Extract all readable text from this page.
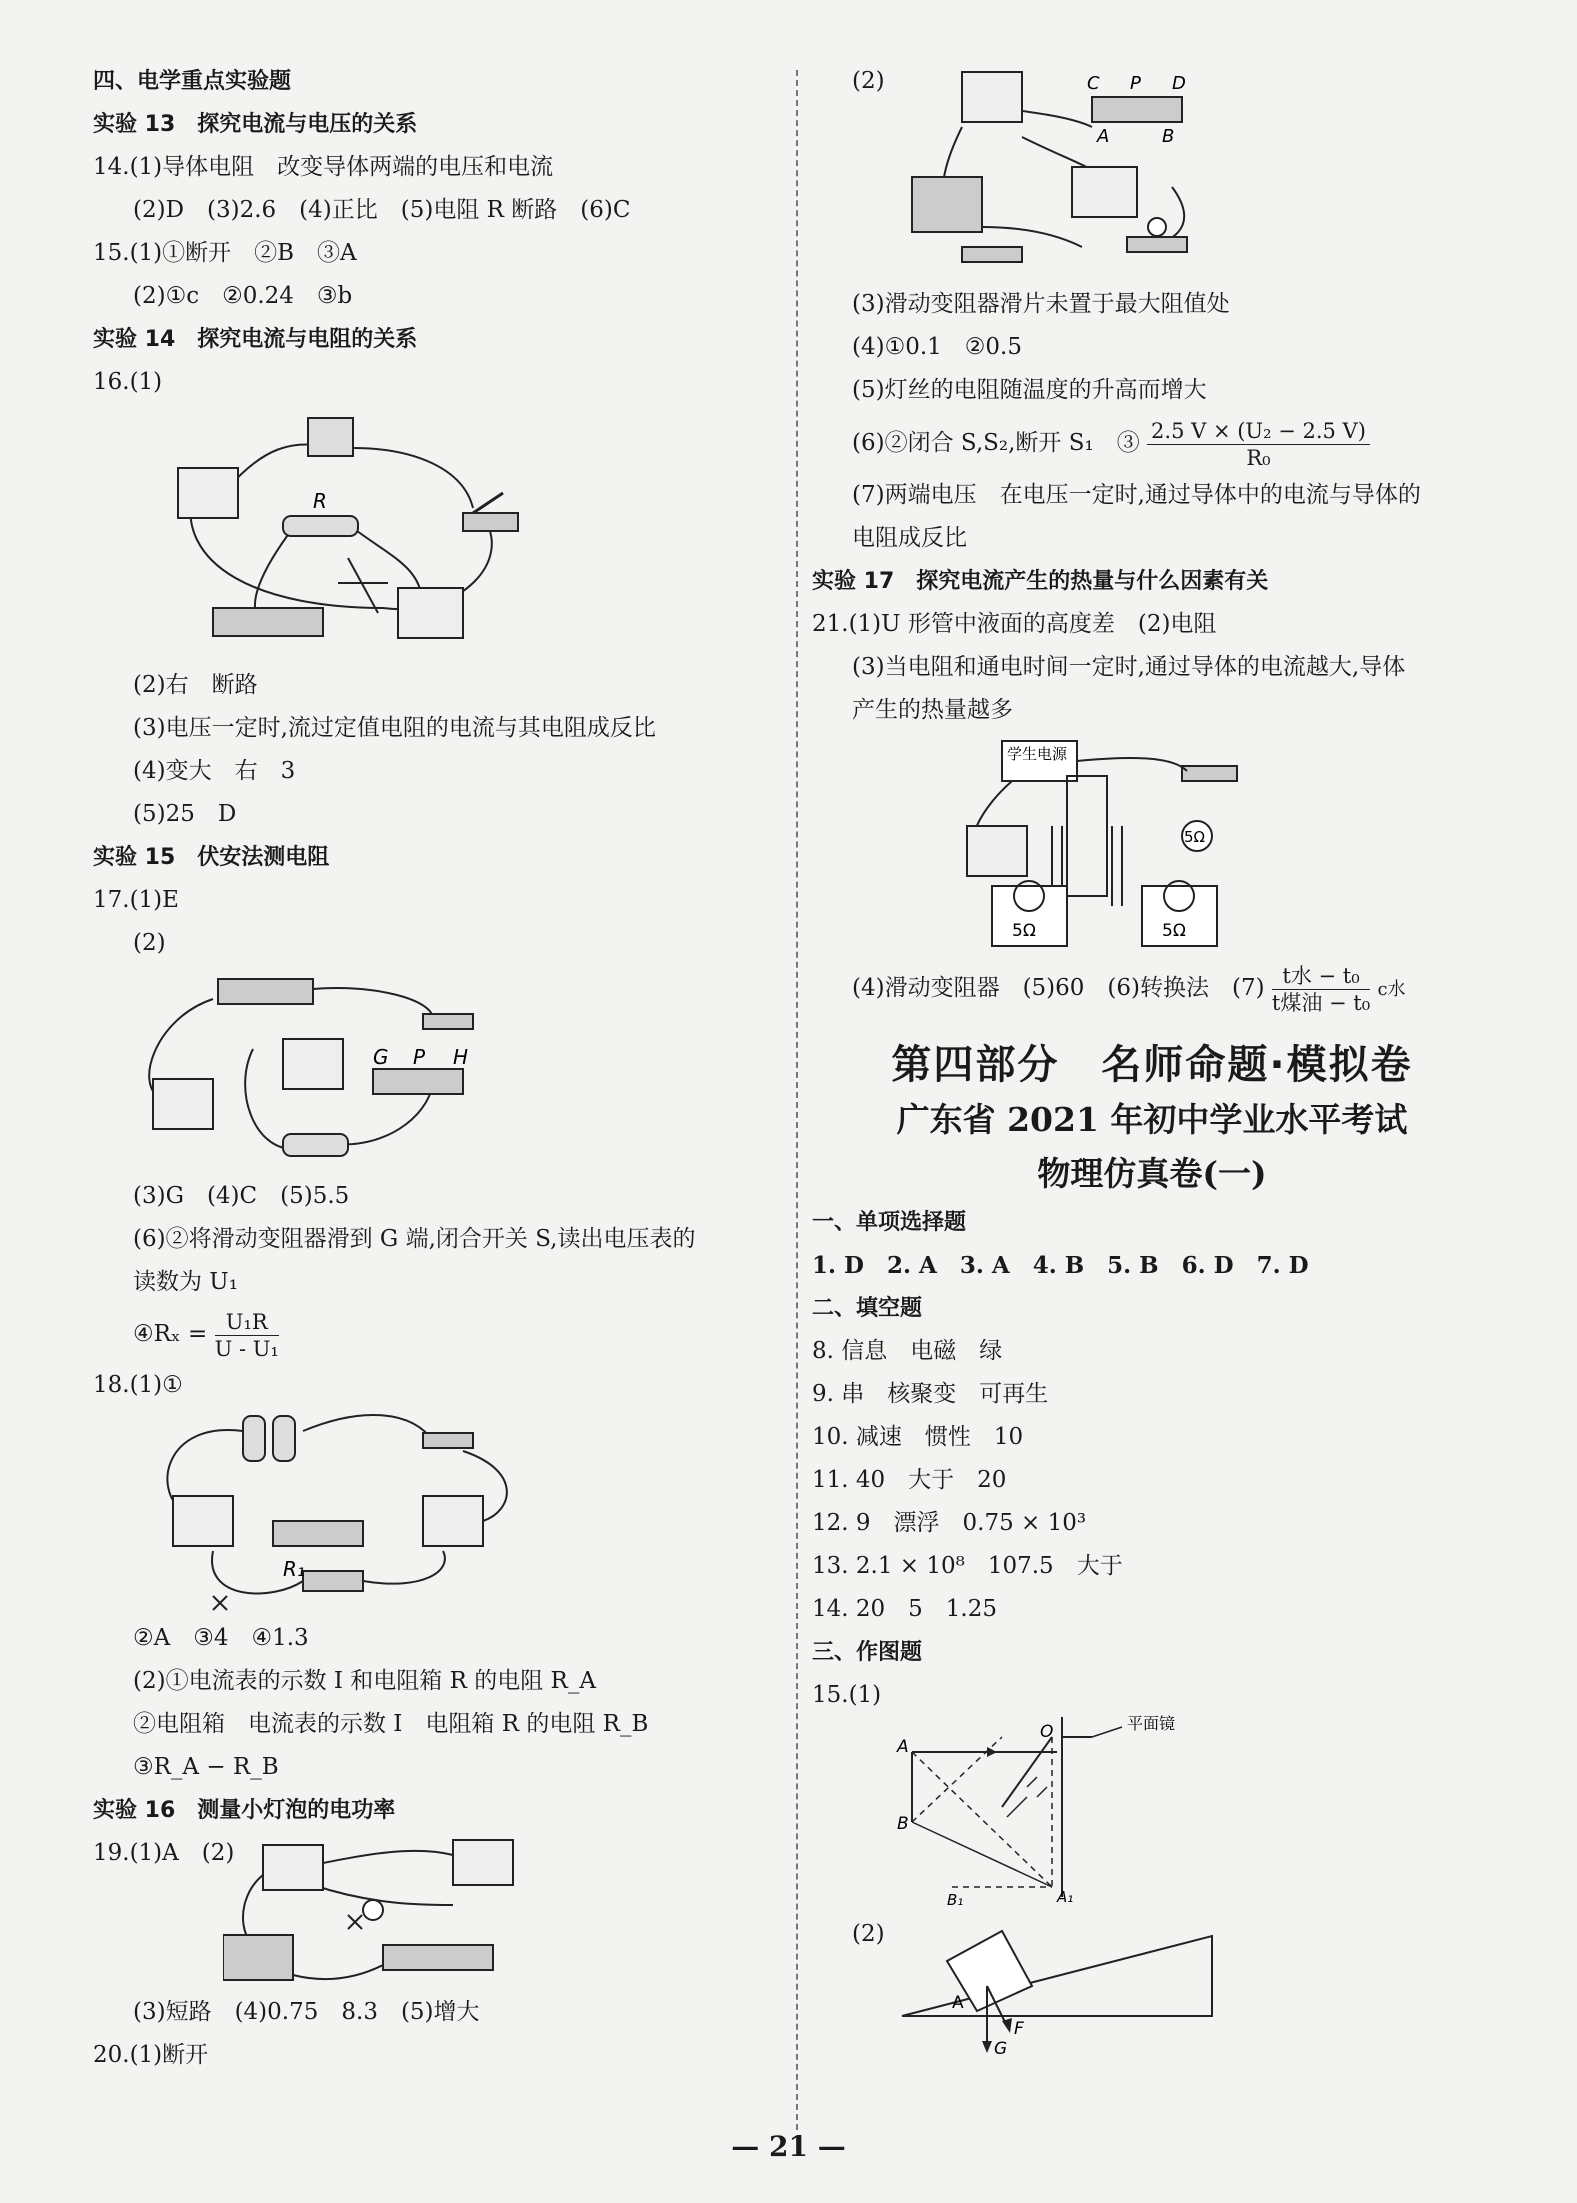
四、电学重点实验题
实验 13　探究电流与电压的关系
14.(1)导体电阻　改变导体两端的电压和电流
(2)D　(3)2.6　(4)正比　(5)电阻 R 断路　(6)C
15.(1)①断开　②B　③A
(2)①c　②0.24　③b
实验 14　探究电流与电阻的关系
16.(1)
R
(2)右　断路
(3)电压一定时,流过定值电阻的电流与其电阻成反比
(4)变大　右　3
(5)25　D
实验 15　伏安法测电阻
17.(1)E
(2)
G P H
(3)G　(4)C　(5)5.5
(6)②将滑动变阻器滑到 G 端,闭合开关 S,读出电压表的
读数为 U₁
④Rₓ = $\frac{\text{U₁R}}{\text{U - U₁}}$
18.(1)①
R₁
②A　③4　④1.3
(2)①电流表的示数 I 和电阻箱 R 的电阻 R_A
②电阻箱　电流表的示数 I　电阻箱 R 的电阻 R_B
③R_A − R_B
实验 16　测量小灯泡的电功率
19.(1)A　(2)
(3)短路　(4)0.75　8.3　(5)增大
20.(1)断开
(2)	C P D
A	B
(3)滑动变阻器滑片未置于最大阻值处
(4)①0.1　②0.5
(5)灯丝的电阻随温度的升高而增大
(6)②闭合 S,S₂,断开 S₁　③ $\frac{\text{2.5 V × (U₂ − 2.5 V)}}{\text{R₀}}$
(7)两端电压　在电压一定时,通过导体中的电流与导体的
电阻成反比
实验 17　探究电流产生的热量与什么因素有关
21.(1)U 形管中液面的高度差　(2)电阻
(3)当电阻和通电时间一定时,通过导体的电流越大,导体
产生的热量越多
学生电源
5Ω
5Ω	5Ω
(4)滑动变阻器　(5)60　(6)转换法　$(7) \frac{\text{t水 − t₀}}{\text{t煤油 − t₀}}$ c水
第四部分　名师命题·模拟卷
广东省 2021 年初中学业水平考试
物理仿真卷(一)
一、单项选择题
1. D　2. A　3. A　4. B　5. B　6. D　7. D
二、填空题
8. 信息　电磁　绿
9. 串　核聚变　可再生
10. 减速　惯性　10
11. 40　大于　20
12. 9　漂浮　0.75 × 10³
13. 2.1 × 10⁸　107.5　大于
14. 20　5　1.25
三、作图题
15.(1)
平面镜
A
O
B
A₁
B₁
(2)
A
F
G
— 21 —
